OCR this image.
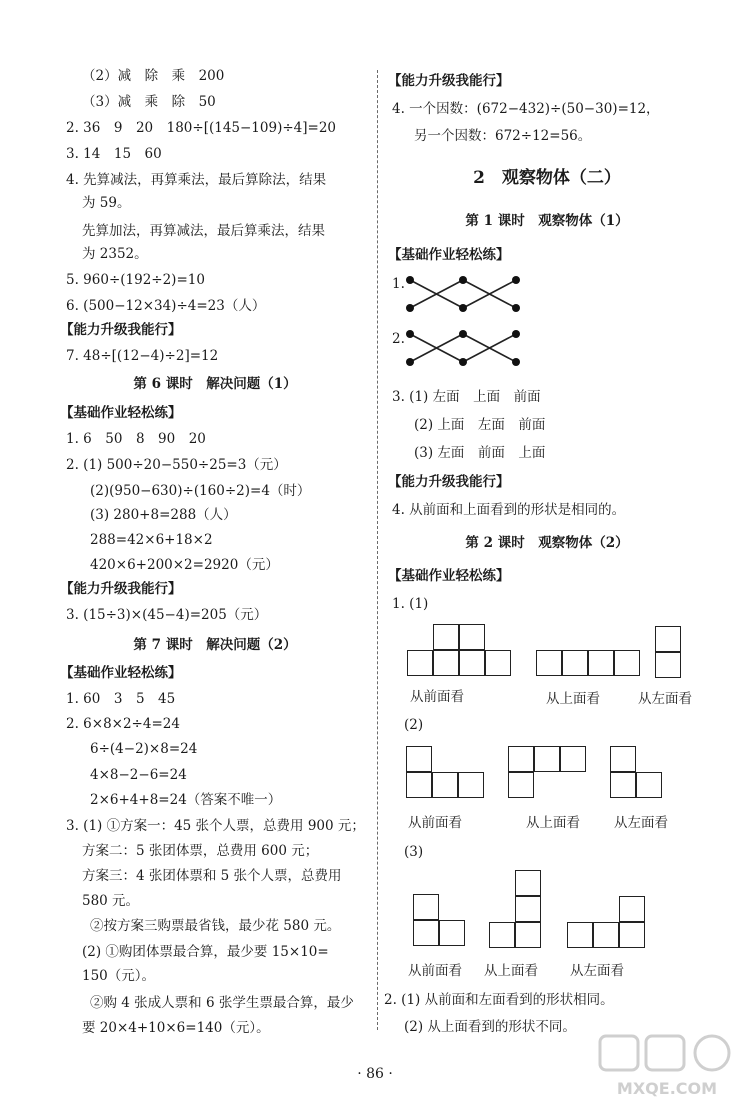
（2）减　除　乘　200
（3）减　乘　除　50
2. 36　9　20　180÷[(145−109)÷4]=20
3. 14　15　60
4. 先算减法，再算乘法，最后算除法，结果
为 59。
先算加法，再算减法，最后算乘法，结果
为 2352。
5. 960÷(192÷2)=10
6. (500−12×34)÷4=23（人）
【能力升级我能行】
7. 48÷[(12−4)÷2]=12
第 6 课时　解决问题（1）
【基础作业轻松练】
1. 6　50　8　90　20
2. (1) 500÷20−550÷25=3（元）
(2)(950−630)÷(160÷2)=4（时）
(3) 280+8=288（人）
288=42×6+18×2
420×6+200×2=2920（元）
【能力升级我能行】
3. (15÷3)×(45−4)=205（元）
第 7 课时　解决问题（2）
【基础作业轻松练】
1. 60　3　5　45
2. 6×8×2÷4=24
6÷(4−2)×8=24
4×8−2−6=24
2×6+4+8=24（答案不唯一）
3. (1) ①方案一：45 张个人票，总费用 900 元；
方案二：5 张团体票，总费用 600 元；
方案三：4 张团体票和 5 张个人票，总费用
580 元。
②按方案三购票最省钱，最少花 580 元。
(2) ①购团体票最合算，最少要 15×10=
150（元）。
②购 4 张成人票和 6 张学生票最合算，最少
要 20×4+10×6=140（元）。
【能力升级我能行】
4. 一个因数：(672−432)÷(50−30)=12，
另一个因数：672÷12=56。
2　观察物体（二）
第 1 课时　观察物体（1）
【基础作业轻松练】
1.
2.
3. (1) 左面　上面　前面
(2) 上面　左面　前面
(3) 左面　前面　上面
【能力升级我能行】
4. 从前面和上面看到的形状是相同的。
第 2 课时　观察物体（2）
【基础作业轻松练】
1. (1)
从前面看	从上面看	从左面看
(2)
从前面看	从上面看	从左面看
(3)
从前面看 从上面看 从左面看
2. (1) 从前面和左面看到的形状相同。
(2) 从上面看到的形状不同。
· 86 ·
MXQE.COM
